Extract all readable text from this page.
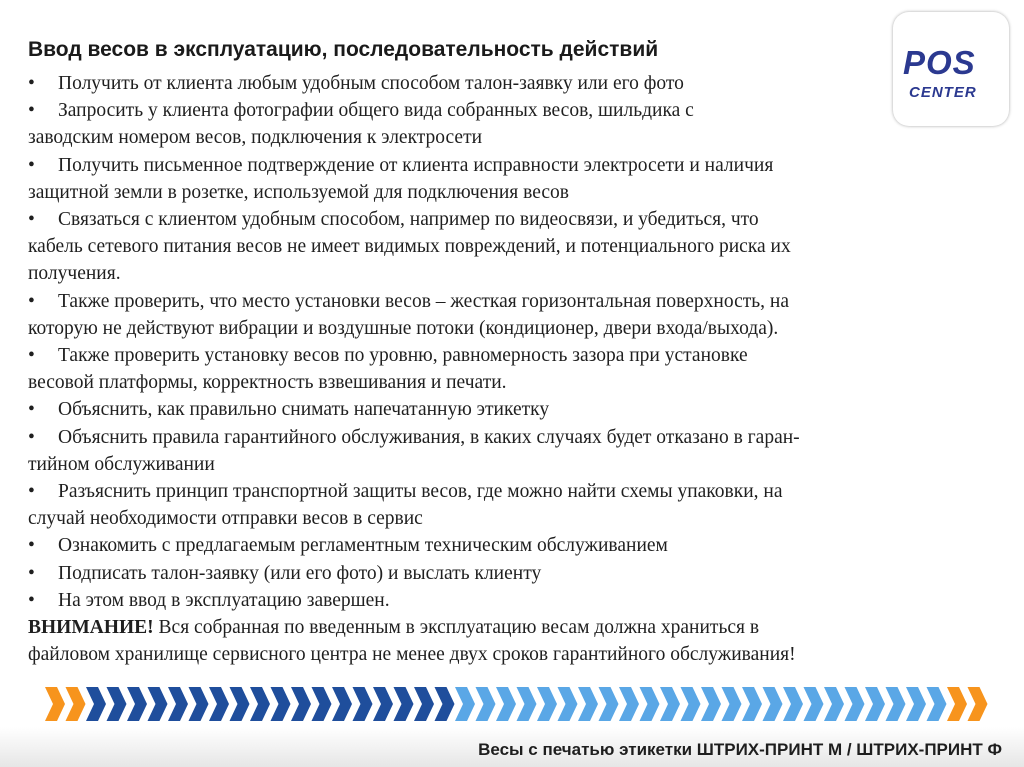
Ввод весов в эксплуатацию, последовательность действий	POS
CENTER
• Получить от клиента любым удобным способом талон-заявку или его фото
• Запросить у клиента фотографии общего вида собранных весов, шильдика с
заводским номером весов, подключения к электросети
• Получить письменное подтверждение от клиента исправности электросети и наличия
защитной земли в розетке, используемой для подключения весов
• Связаться с клиентом удобным способом, например по видеосвязи, и убедиться, что
кабель сетевого питания весов не имеет видимых повреждений, и потенциального риска их
получения.
• Также проверить, что место установки весов – жесткая горизонтальная поверхность, на
которую не действуют вибрации и воздушные потоки (кондиционер, двери входа/выхода).
• Также проверить установку весов по уровню, равномерность зазора при установке
весовой платформы, корректность взвешивания и печати.
• Объяснить, как правильно снимать напечатанную этикетку
• Объяснить правила гарантийного обслуживания, в каких случаях будет отказано в гаран-
тийном обслуживании
• Разъяснить принцип транспортной защиты весов, где можно найти схемы упаковки, на
случай необходимости отправки весов в сервис
• Ознакомить с предлагаемым регламентным техническим обслуживанием
• Подписать талон-заявку (или его фото) и выслать клиенту
• На этом ввод в эксплуатацию завершен.
ВНИМАНИЕ! Вся собранная по введенным в эксплуатацию весам должна храниться в
файловом хранилище сервисного центра не менее двух сроков гарантийного обслуживания!
Весы с печатью этикетки ШТРИХ-ПРИНТ М / ШТРИХ-ПРИНТ Ф
